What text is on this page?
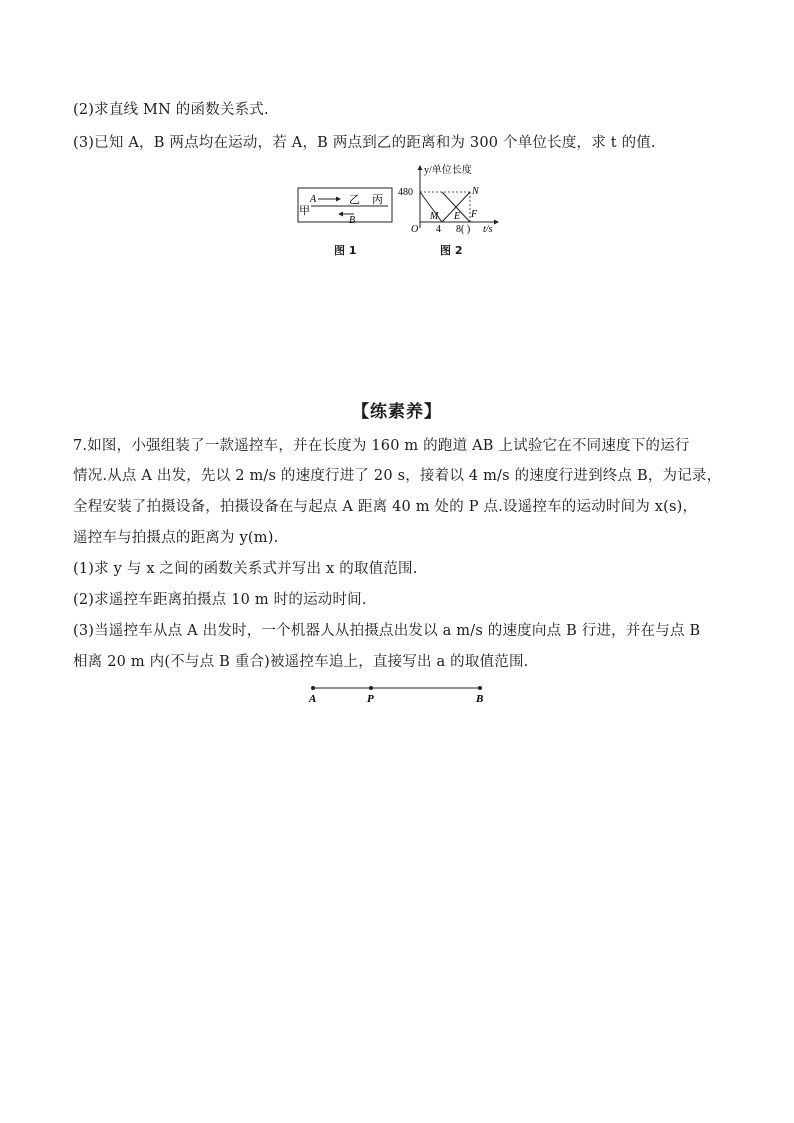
(2)求直线 MN 的函数关系式.
(3)已知 A，B 两点均在运动，若 A，B 两点到乙的距离和为 300 个单位长度，求 t 的值.
甲
A	乙 丙
B
图 1
y/单位长度
t/s
O
480
4 8( )
M
N
E F
图 2
【练素养】
7.如图，小强组装了一款遥控车，并在长度为 160 m 的跑道 AB 上试验它在不同速度下的运行
情况.从点 A 出发，先以 2 m/s 的速度行进了 20 s，接着以 4 m/s 的速度行进到终点 B，为记录，
全程安装了拍摄设备，拍摄设备在与起点 A 距离 40 m 处的 P 点.设遥控车的运动时间为 x(s)，
遥控车与拍摄点的距离为 y(m).
(1)求 y 与 x 之间的函数关系式并写出 x 的取值范围.
(2)求遥控车距离拍摄点 10 m 时的运动时间.
(3)当遥控车从点 A 出发时，一个机器人从拍摄点出发以 a m/s 的速度向点 B 行进，并在与点 B
相离 20 m 内(不与点 B 重合)被遥控车追上，直接写出 a 的取值范围.
A	P	B
